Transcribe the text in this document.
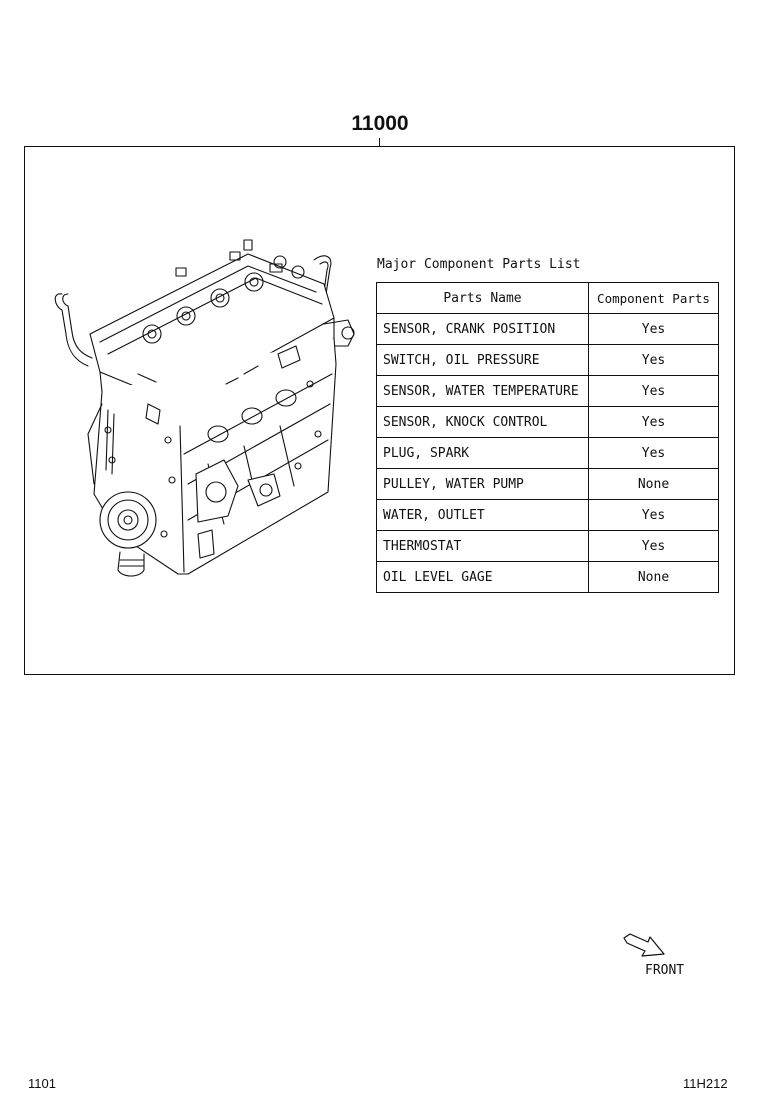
11000
Major Component Parts List
Parts Name	Component Parts
SENSOR, CRANK POSITION	Yes
SWITCH, OIL PRESSURE	Yes
SENSOR, WATER TEMPERATURE	Yes
SENSOR, KNOCK CONTROL	Yes
PLUG, SPARK	Yes
PULLEY, WATER PUMP	None
WATER, OUTLET	Yes
THERMOSTAT	Yes
OIL LEVEL GAGE	None
FRONT
1101	11H212
